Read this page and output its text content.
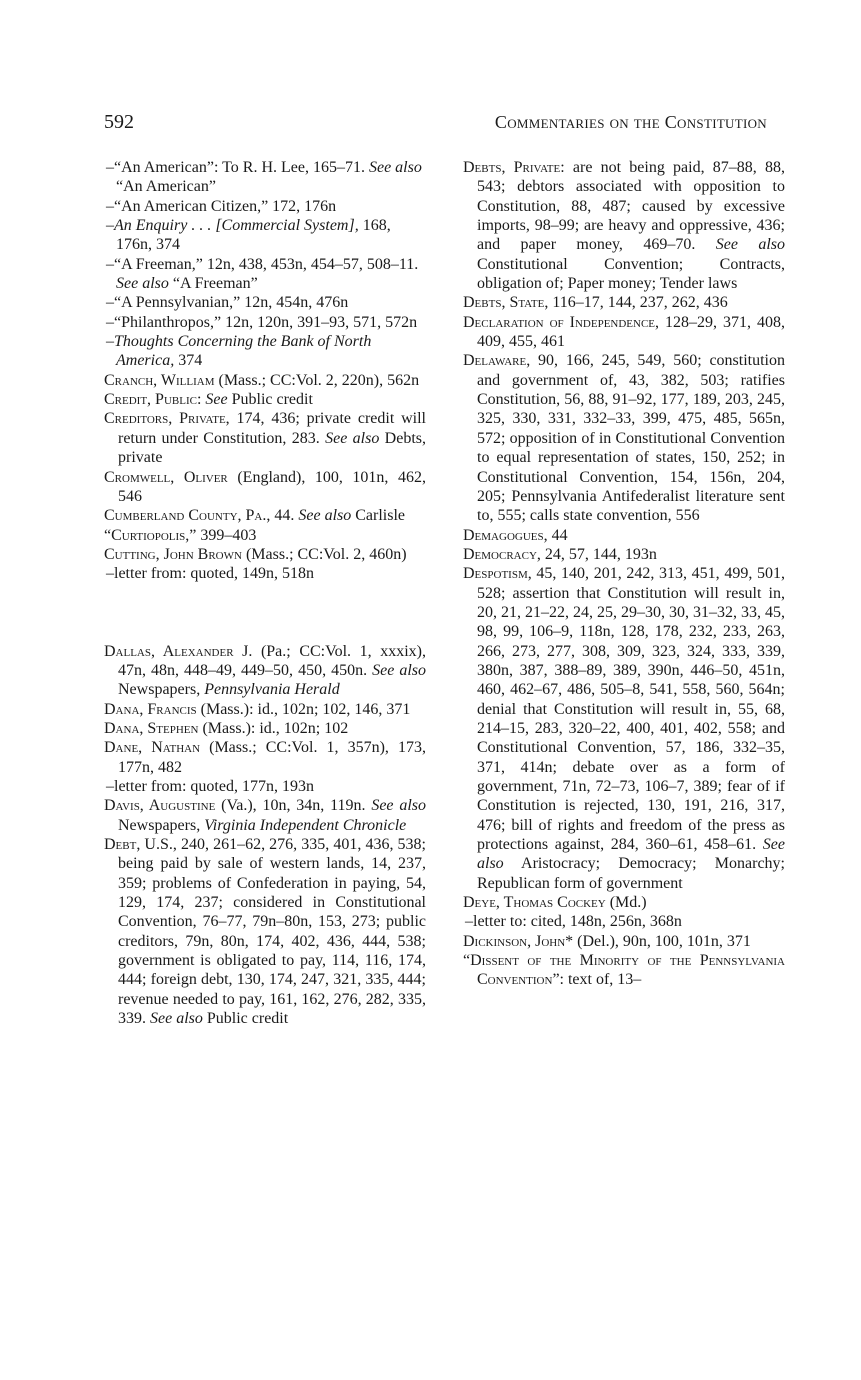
592	Commentaries on the Constitution
–“An American”: To R. H. Lee, 165–71. See also “An American”
–“An American Citizen,” 172, 176n
–An Enquiry . . . [Commercial System], 168, 176n, 374
–“A Freeman,” 12n, 438, 453n, 454–57, 508–11. See also “A Freeman”
–“A Pennsylvanian,” 12n, 454n, 476n
–“Philanthropos,” 12n, 120n, 391–93, 571, 572n
–Thoughts Concerning the Bank of North America, 374
Cranch, William (Mass.; CC:Vol. 2, 220n), 562n
Credit, Public: See Public credit
Creditors, Private, 174, 436; private credit will return under Constitution, 283. See also Debts, private
Cromwell, Oliver (England), 100, 101n, 462, 546
Cumberland County, Pa., 44. See also Carlisle
“Curtiopolis,” 399–403
Cutting, John Brown (Mass.; CC:Vol. 2, 460n)
–letter from: quoted, 149n, 518n
Dallas, Alexander J. (Pa.; CC:Vol. 1, xxxix), 47n, 48n, 448–49, 449–50, 450, 450n. See also Newspapers, Pennsylvania Herald
Dana, Francis (Mass.): id., 102n; 102, 146, 371
Dana, Stephen (Mass.): id., 102n; 102
Dane, Nathan (Mass.; CC:Vol. 1, 357n), 173, 177n, 482
–letter from: quoted, 177n, 193n
Davis, Augustine (Va.), 10n, 34n, 119n. See also Newspapers, Virginia Independent Chronicle
Debt, U.S., 240, 261–62, 276, 335, 401, 436, 538; being paid by sale of western lands, 14, 237, 359; problems of Confederation in paying, 54, 129, 174, 237; considered in Constitutional Convention, 76–77, 79n–80n, 153, 273; public creditors, 79n, 80n, 174, 402, 436, 444, 538; government is obligated to pay, 114, 116, 174, 444; foreign debt, 130, 174, 247, 321, 335, 444; revenue needed to pay, 161, 162, 276, 282, 335, 339. See also Public credit
Debts, Private: are not being paid, 87–88, 88, 543; debtors associated with opposition to Constitution, 88, 487; caused by excessive imports, 98–99; are heavy and oppressive, 436; and paper money, 469–70. See also Constitutional Convention; Contracts, obligation of; Paper money; Tender laws
Debts, State, 116–17, 144, 237, 262, 436
Declaration of Independence, 128–29, 371, 408, 409, 455, 461
Delaware, 90, 166, 245, 549, 560; constitution and government of, 43, 382, 503; ratifies Constitution, 56, 88, 91–92, 177, 189, 203, 245, 325, 330, 331, 332–33, 399, 475, 485, 565n, 572; opposition of in Constitutional Convention to equal representation of states, 150, 252; in Constitutional Convention, 154, 156n, 204, 205; Pennsylvania Antifederalist literature sent to, 555; calls state convention, 556
Demagogues, 44
Democracy, 24, 57, 144, 193n
Despotism, 45, 140, 201, 242, 313, 451, 499, 501, 528; assertion that Constitution will result in, 20, 21, 21–22, 24, 25, 29–30, 30, 31–32, 33, 45, 98, 99, 106–9, 118n, 128, 178, 232, 233, 263, 266, 273, 277, 308, 309, 323, 324, 333, 339, 380n, 387, 388–89, 389, 390n, 446–50, 451n, 460, 462–67, 486, 505–8, 541, 558, 560, 564n; denial that Constitution will result in, 55, 68, 214–15, 283, 320–22, 400, 401, 402, 558; and Constitutional Convention, 57, 186, 332–35, 371, 414n; debate over as a form of government, 71n, 72–73, 106–7, 389; fear of if Constitution is rejected, 130, 191, 216, 317, 476; bill of rights and freedom of the press as protections against, 284, 360–61, 458–61. See also Aristocracy; Democracy; Monarchy; Republican form of government
Deye, Thomas Cockey (Md.)
–letter to: cited, 148n, 256n, 368n
Dickinson, John* (Del.), 90n, 100, 101n, 371
“Dissent of the Minority of the Pennsylvania Convention”: text of, 13–
